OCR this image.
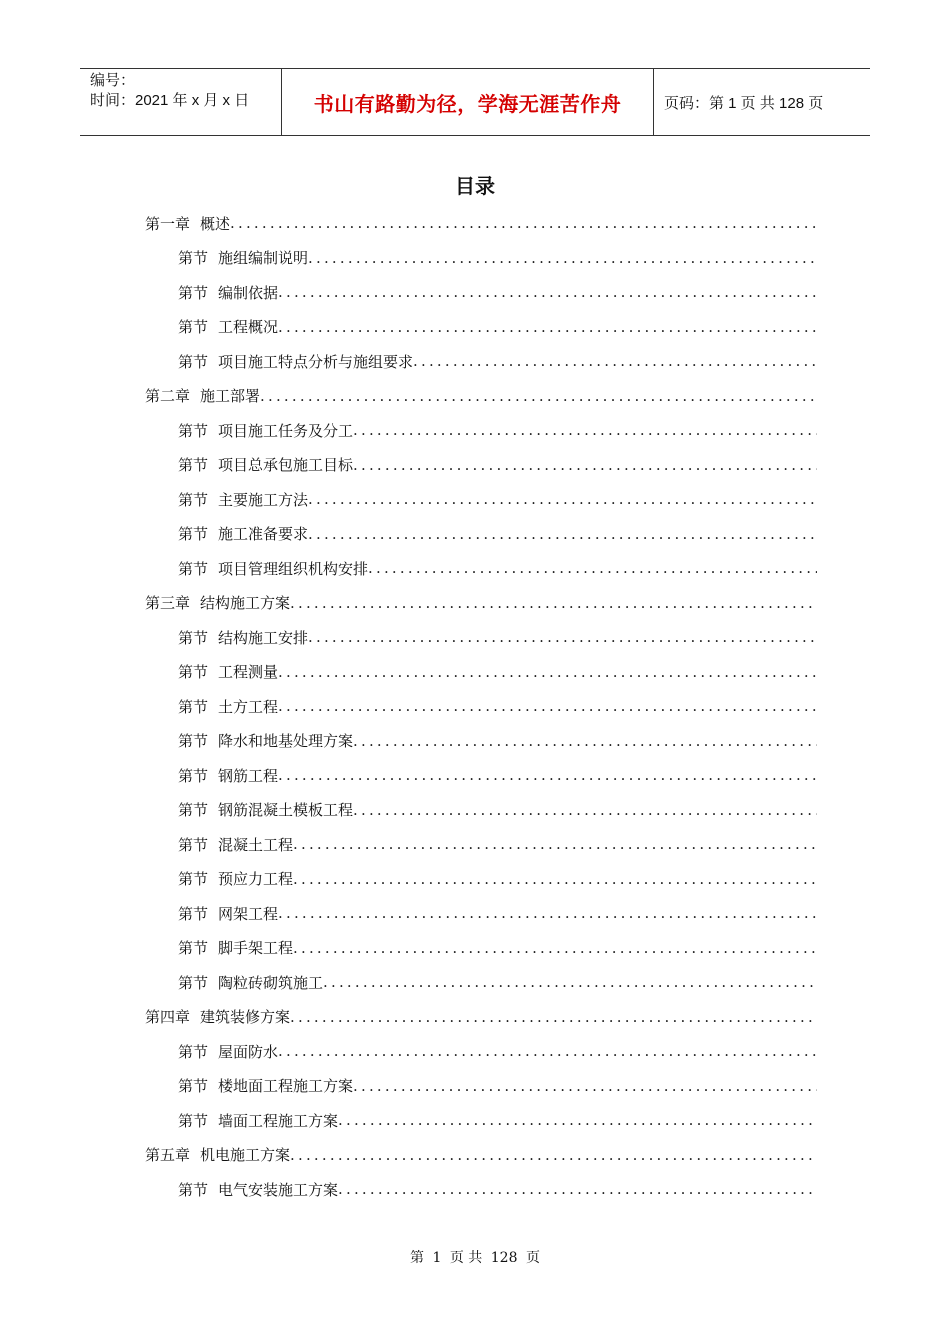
编号：
时间：2021 年 x 月 x 日	书山有路勤为径，学海无涯苦作舟	页码：第 1 页 共 128 页
目录
第一章 概述
.....
第节 施组编制说明
.....
第节 编制依据
.....
第节 工程概况
.....
第节 项目施工特点分析与施组要求
.....
第二章 施工部署
.....
第节 项目施工任务及分工
.....
第节 项目总承包施工目标
.....
第节 主要施工方法
.....
第节 施工准备要求
.....
第节 项目管理组织机构安排
.....
第三章 结构施工方案
.....
第节 结构施工安排
.....
第节 工程测量
.....
第节 土方工程
.....
第节 降水和地基处理方案
.....
第节 钢筋工程
.....
第节 钢筋混凝土模板工程
.....
第节 混凝土工程
.....
第节 预应力工程
.....
第节 网架工程
.....
第节 脚手架工程
.....
第节 陶粒砖砌筑施工
.....
第四章 建筑装修方案
.....
第节 屋面防水
.....
第节 楼地面工程施工方案
.....
第节 墙面工程施工方案
.....
第五章 机电施工方案
.....
第节 电气安装施工方案
.....
第 1 页 共 128 页
